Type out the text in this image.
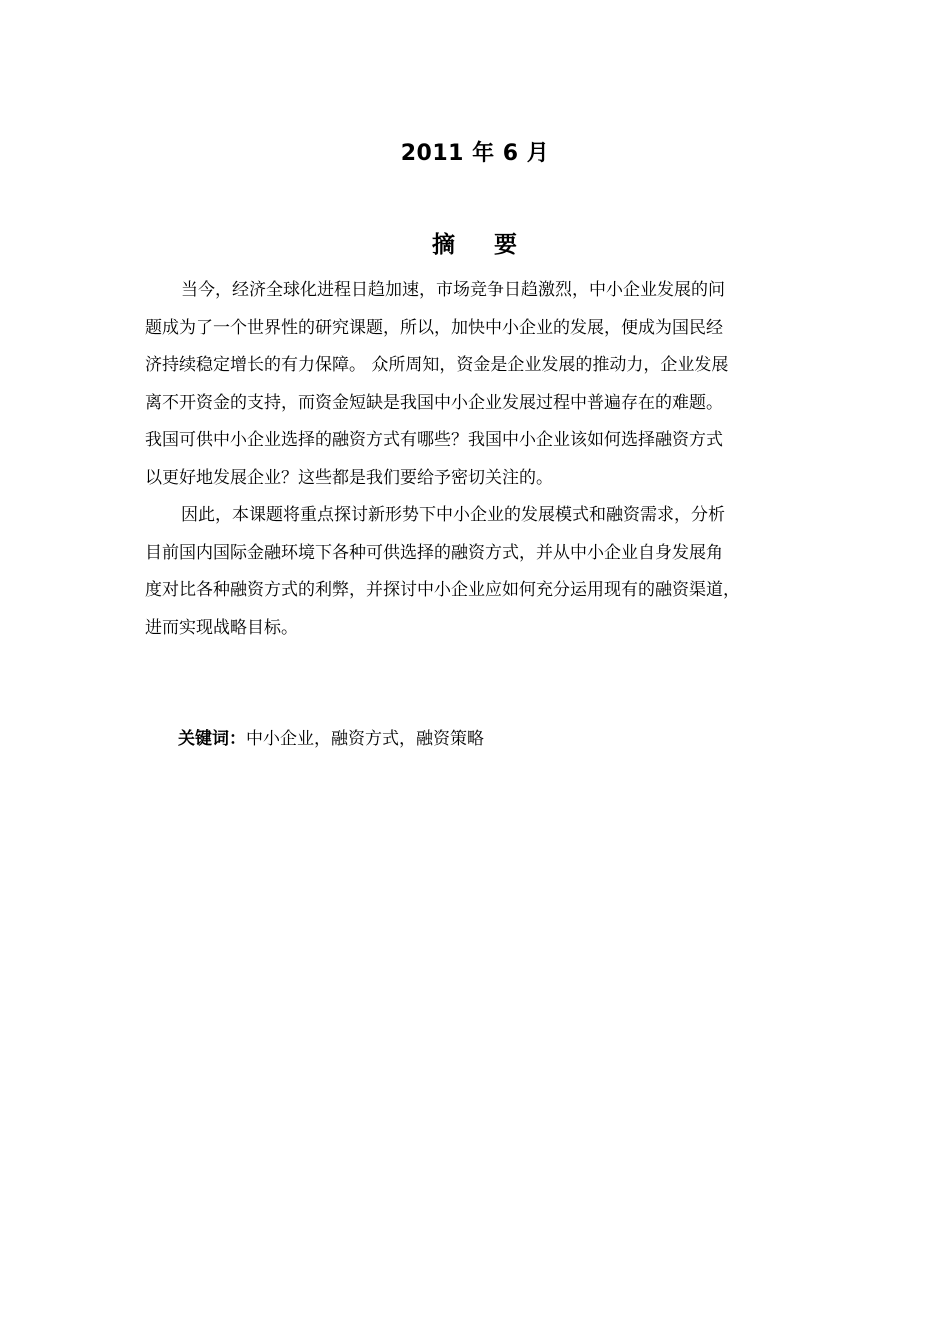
2011 年 6 月
摘 要
当今，经济全球化进程日趋加速，市场竞争日趋激烈，中小企业发展的问
题成为了一个世界性的研究课题，所以，加快中小企业的发展，便成为国民经
济持续稳定增长的有力保障。 众所周知，资金是企业发展的推动力，企业发展
离不开资金的支持，而资金短缺是我国中小企业发展过程中普遍存在的难题。
我国可供中小企业选择的融资方式有哪些？我国中小企业该如何选择融资方式
以更好地发展企业？这些都是我们要给予密切关注的。
因此，本课题将重点探讨新形势下中小企业的发展模式和融资需求，分析
目前国内国际金融环境下各种可供选择的融资方式，并从中小企业自身发展角
度对比各种融资方式的利弊，并探讨中小企业应如何充分运用现有的融资渠道，
进而实现战略目标。
关键词：中小企业，融资方式，融资策略
